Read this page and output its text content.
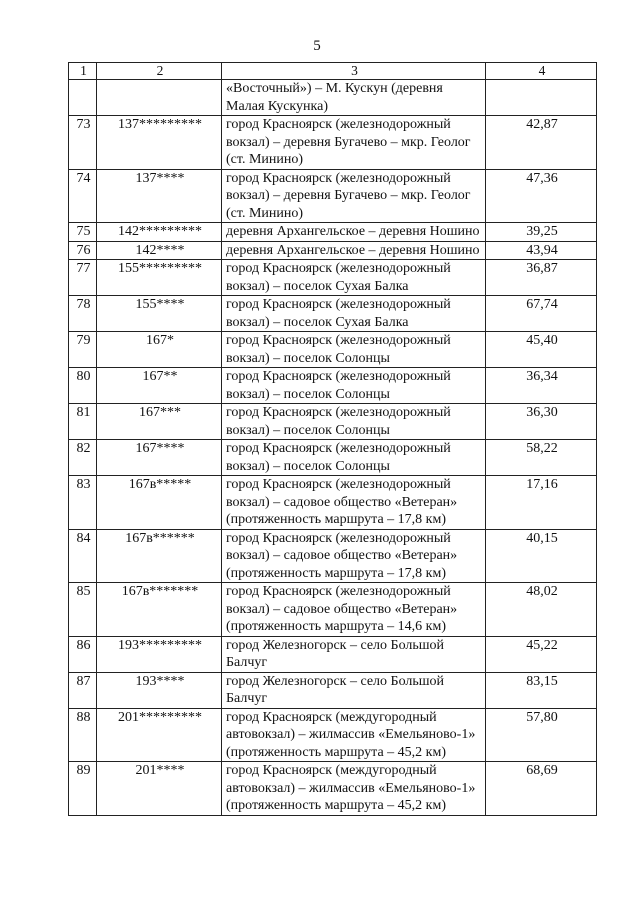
5
1	2	3	4
		«Восточный») – М. Кускун (деревня Малая Кускунка)	
73	137*********	город Красноярск (железнодорожный вокзал) – деревня Бугачево – мкр. Геолог (ст. Минино)	42,87
74	137****	город Красноярск (железнодорожный вокзал) – деревня Бугачево – мкр. Геолог (ст. Минино)	47,36
75	142*********	деревня Архангельское – деревня Ношино	39,25
76	142****	деревня Архангельское – деревня Ношино	43,94
77	155*********	город Красноярск (железнодорожный вокзал) – поселок Сухая Балка	36,87
78	155****	город Красноярск (железнодорожный вокзал) – поселок Сухая Балка	67,74
79	167*	город Красноярск (железнодорожный вокзал) – поселок Солонцы	45,40
80	167**	город Красноярск (железнодорожный вокзал) – поселок Солонцы	36,34
81	167***	город Красноярск (железнодорожный вокзал) – поселок Солонцы	36,30
82	167****	город Красноярск (железнодорожный вокзал) – поселок Солонцы	58,22
83	167в*****	город Красноярск (железнодорожный вокзал) – садовое общество «Ветеран» (протяженность маршрута – 17,8 км)	17,16
84	167в******	город Красноярск (железнодорожный вокзал) – садовое общество «Ветеран» (протяженность маршрута – 17,8 км)	40,15
85	167в*******	город Красноярск (железнодорожный вокзал) – садовое общество «Ветеран» (протяженность маршрута – 14,6 км)	48,02
86	193*********	город Железногорск – село Большой Балчуг	45,22
87	193****	город Железногорск – село Большой Балчуг	83,15
88	201*********	город Красноярск (междугородный автовокзал) – жилмассив «Емельяново-1» (протяженность маршрута – 45,2 км)	57,80
89	201****	город Красноярск (междугородный автовокзал) – жилмассив «Емельяново-1» (протяженность маршрута – 45,2 км)	68,69
